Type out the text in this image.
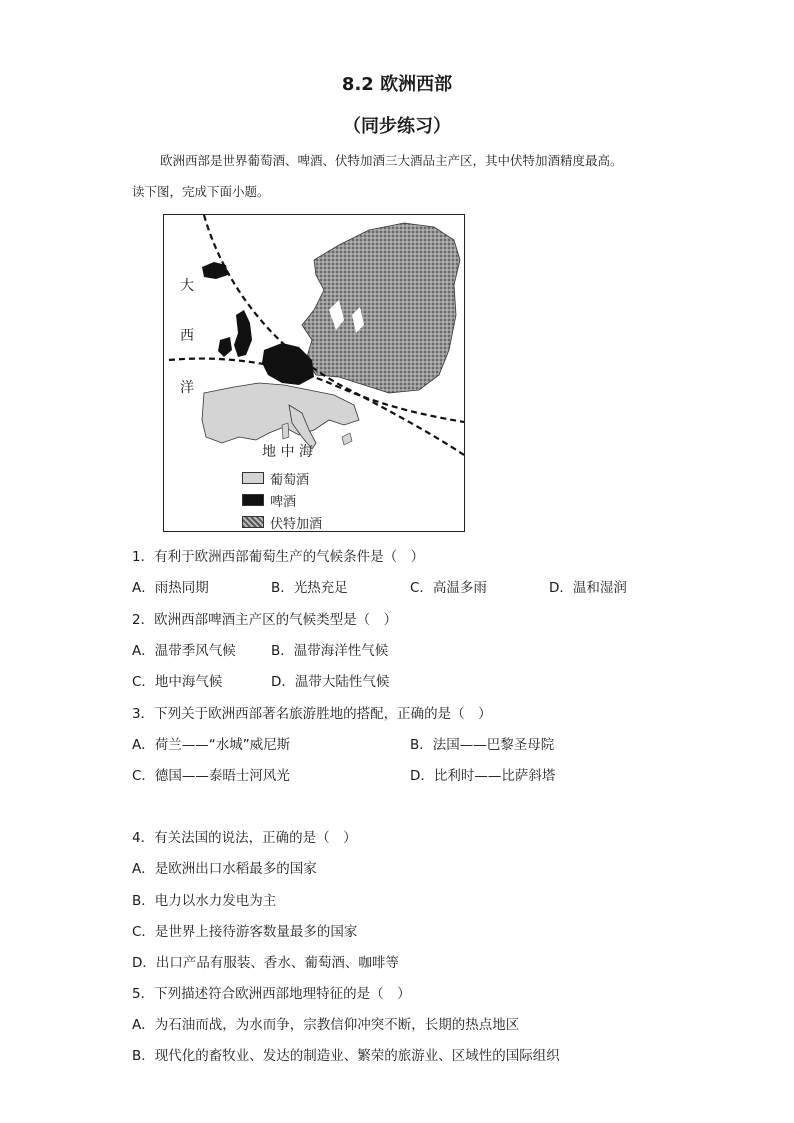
8.2 欧洲西部
（同步练习）
欧洲西部是世界葡萄酒、啤酒、伏特加酒三大酒品主产区，其中伏特加酒精度最高。
读下图，完成下面小题。
大
西
洋
地 中 海
葡萄酒
啤酒
伏特加酒
1．有利于欧洲西部葡萄生产的气候条件是（　）
A．雨热同期	B．光热充足	C．高温多雨	D．温和湿润
2．欧洲西部啤酒主产区的气候类型是（　）
A．温带季风气候	B．温带海洋性气候
C．地中海气候	D．温带大陆性气候
3．下列关于欧洲西部著名旅游胜地的搭配，正确的是（　）
A．荷兰——“水城”威尼斯	B．法国——巴黎圣母院
C．德国——泰晤士河风光	D．比利时——比萨斜塔
4．有关法国的说法，正确的是（　）
A．是欧洲出口水稻最多的国家
B．电力以水力发电为主
C．是世界上接待游客数量最多的国家
D．出口产品有服装、香水、葡萄酒、咖啡等
5．下列描述符合欧洲西部地理特征的是（　）
A．为石油而战，为水而争，宗教信仰冲突不断，长期的热点地区
B．现代化的畜牧业、发达的制造业、繁荣的旅游业、区域性的国际组织
